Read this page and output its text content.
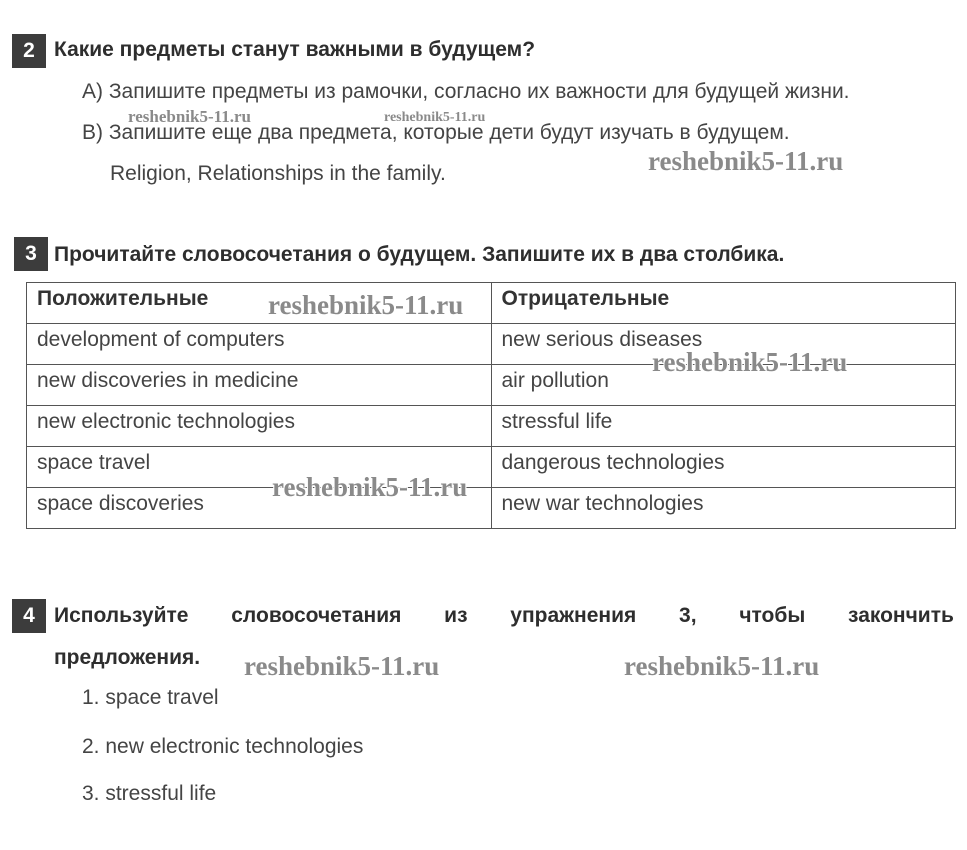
2 Какие предметы станут важными в будущем?
A) Запишите предметы из рамочки, согласно их важности для будущей жизни.
B) Запишите еще два предмета, которые дети будут изучать в будущем.
Religion, Relationships in the family.
3 Прочитайте словосочетания о будущем. Запишите их в два столбика.
Положительные	Отрицательные
development of computers	new serious diseases
new discoveries in medicine	air pollution
new electronic technologies	stressful life
space travel	dangerous technologies
space discoveries	new war technologies
4 Используйте словосочетания из упражнения 3, чтобы закончить
предложения.
1. space travel
2. new electronic technologies
3. stressful life
reshebnik5-11.ru	reshebnik5-11.ru
reshebnik5-11.ru
reshebnik5-11.ru
reshebnik5-11.ru
reshebnik5-11.ru
reshebnik5-11.ru	reshebnik5-11.ru
